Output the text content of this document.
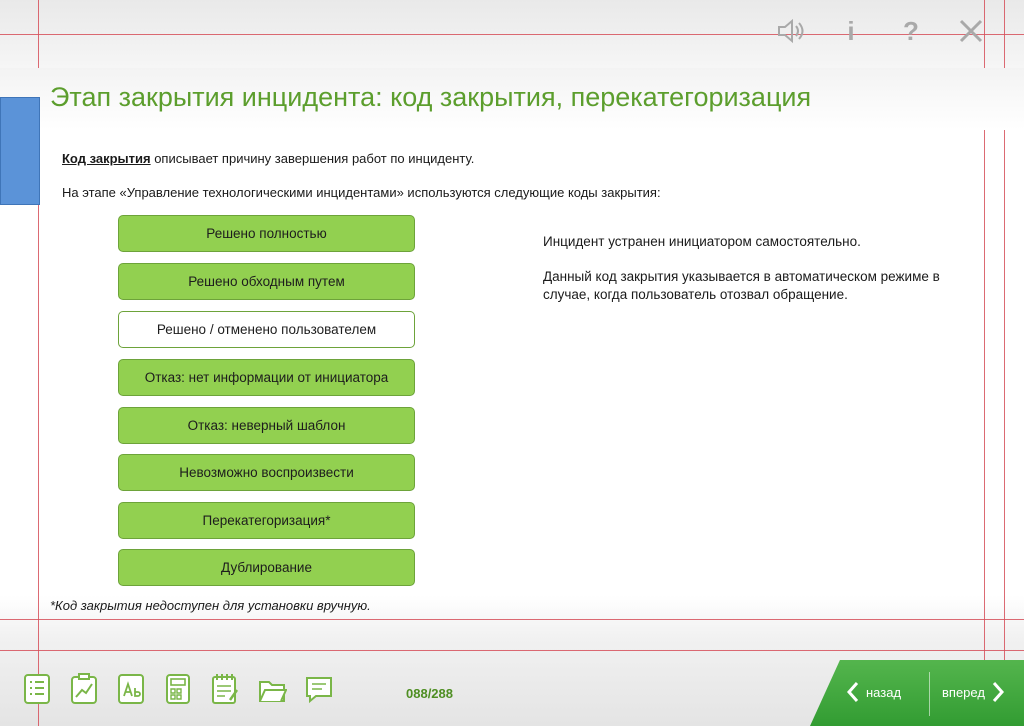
i ?
Этап закрытия инцидента: код закрытия, перекатегоризация
Код закрытия описывает причину завершения работ по инциденту.
На этапе «Управление технологическими инцидентами» используются следующие коды закрытия:
Решено полностью
Решено обходным путем
Решено / отменено пользователем
Отказ: нет информации от инициатора
Отказ: неверный шаблон
Невозможно воспроизвести
Перекатегоризация*
Дублирование

Инцидент устранен инициатором самостоятельно.

Данный код закрытия указывается в автоматическом режиме в случае, когда пользователь отозвал обращение.

*Код закрытия недоступен для установки вручную.
088/288	назад	вперед
